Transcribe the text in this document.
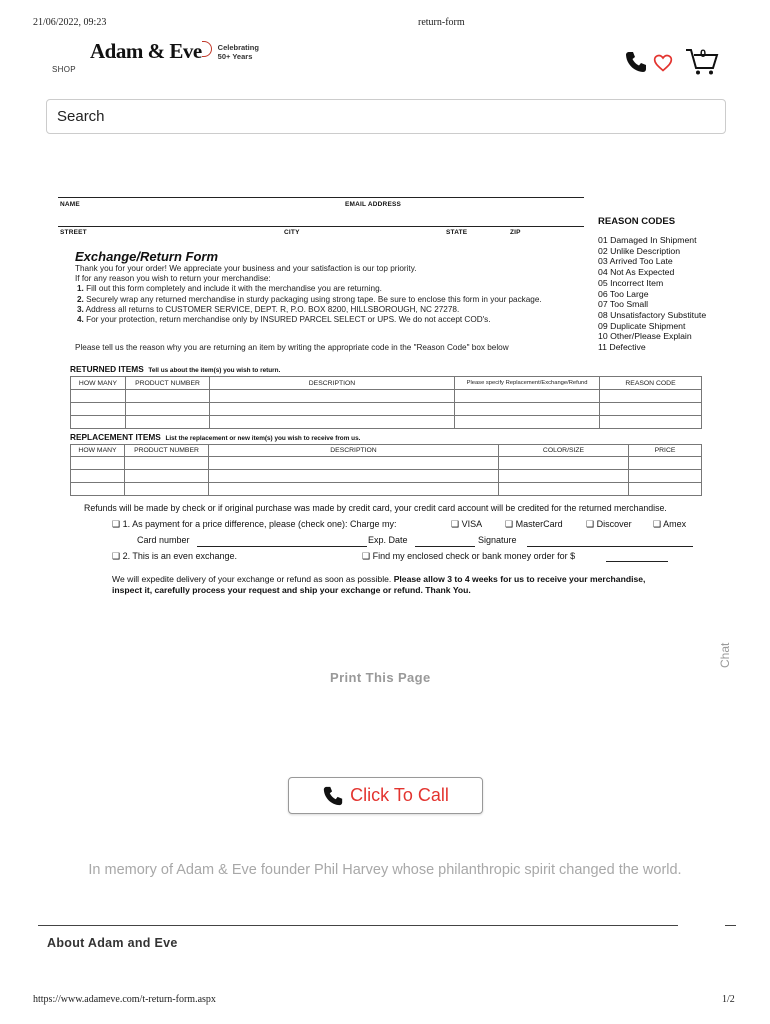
21/06/2022, 09:23	return-form
Adam & Eve Celebrating
50+ Years
SHOP
0
Search
NAME	EMAIL ADDRESS
STREET	CITY	STATE	ZIP
Exchange/Return Form
Thank you for your order! We appreciate your business and your satisfaction is our top priority.
If for any reason you wish to return your merchandise:
1. Fill out this form completely and include it with the merchandise you are returning.
2. Securely wrap any returned merchandise in sturdy packaging using strong tape. Be sure to enclose this form in your package.
3. Address all returns to CUSTOMER SERVICE, DEPT. R, P.O. BOX 8200, HILLSBOROUGH, NC 27278.
4. For your protection, return merchandise only by INSURED PARCEL SELECT or UPS. We do not accept COD's.
Please tell us the reason why you are returning an item by writing the appropriate code in the "Reason Code" box below
REASON CODES
01 Damaged In Shipment
02 Unlike Description
03 Arrived Too Late
04 Not As Expected
05 Incorrect Item
06 Too Large
07 Too Small
08 Unsatisfactory Substitute
09 Duplicate Shipment
10 Other/Please Explain
11 Defective
RETURNED ITEMS Tell us about the item(s) you wish to return.
HOW MANY	PRODUCT NUMBER	DESCRIPTION	Please specify Replacement/Exchange/Refund	REASON CODE

REPLACEMENT ITEMS List the replacement or new item(s) you wish to receive from us.
HOW MANY	PRODUCT NUMBER	DESCRIPTION	COLOR/SIZE	PRICE

Refunds will be made by check or if original purchase was made by credit card, your credit card account will be credited for the returned merchandise.
❑ 1. As payment for a price difference, please (check one): Charge my:	❑ VISA	❑ MasterCard	❑ Discover ❑ Amex
Card number	Exp. Date	Signature
❑ 2. This is an even exchange.	❑ Find my enclosed check or bank money order for $
We will expedite delivery of your exchange or refund as soon as possible. Please allow 3 to 4 weeks for us to receive your merchandise,
inspect it, carefully process your request and ship your exchange or refund. Thank You.
Print This Page
Chat
Click To Call
In memory of Adam & Eve founder Phil Harvey whose philanthropic spirit changed the world.
About Adam and Eve
https://www.adameve.com/t-return-form.aspx	1/2
